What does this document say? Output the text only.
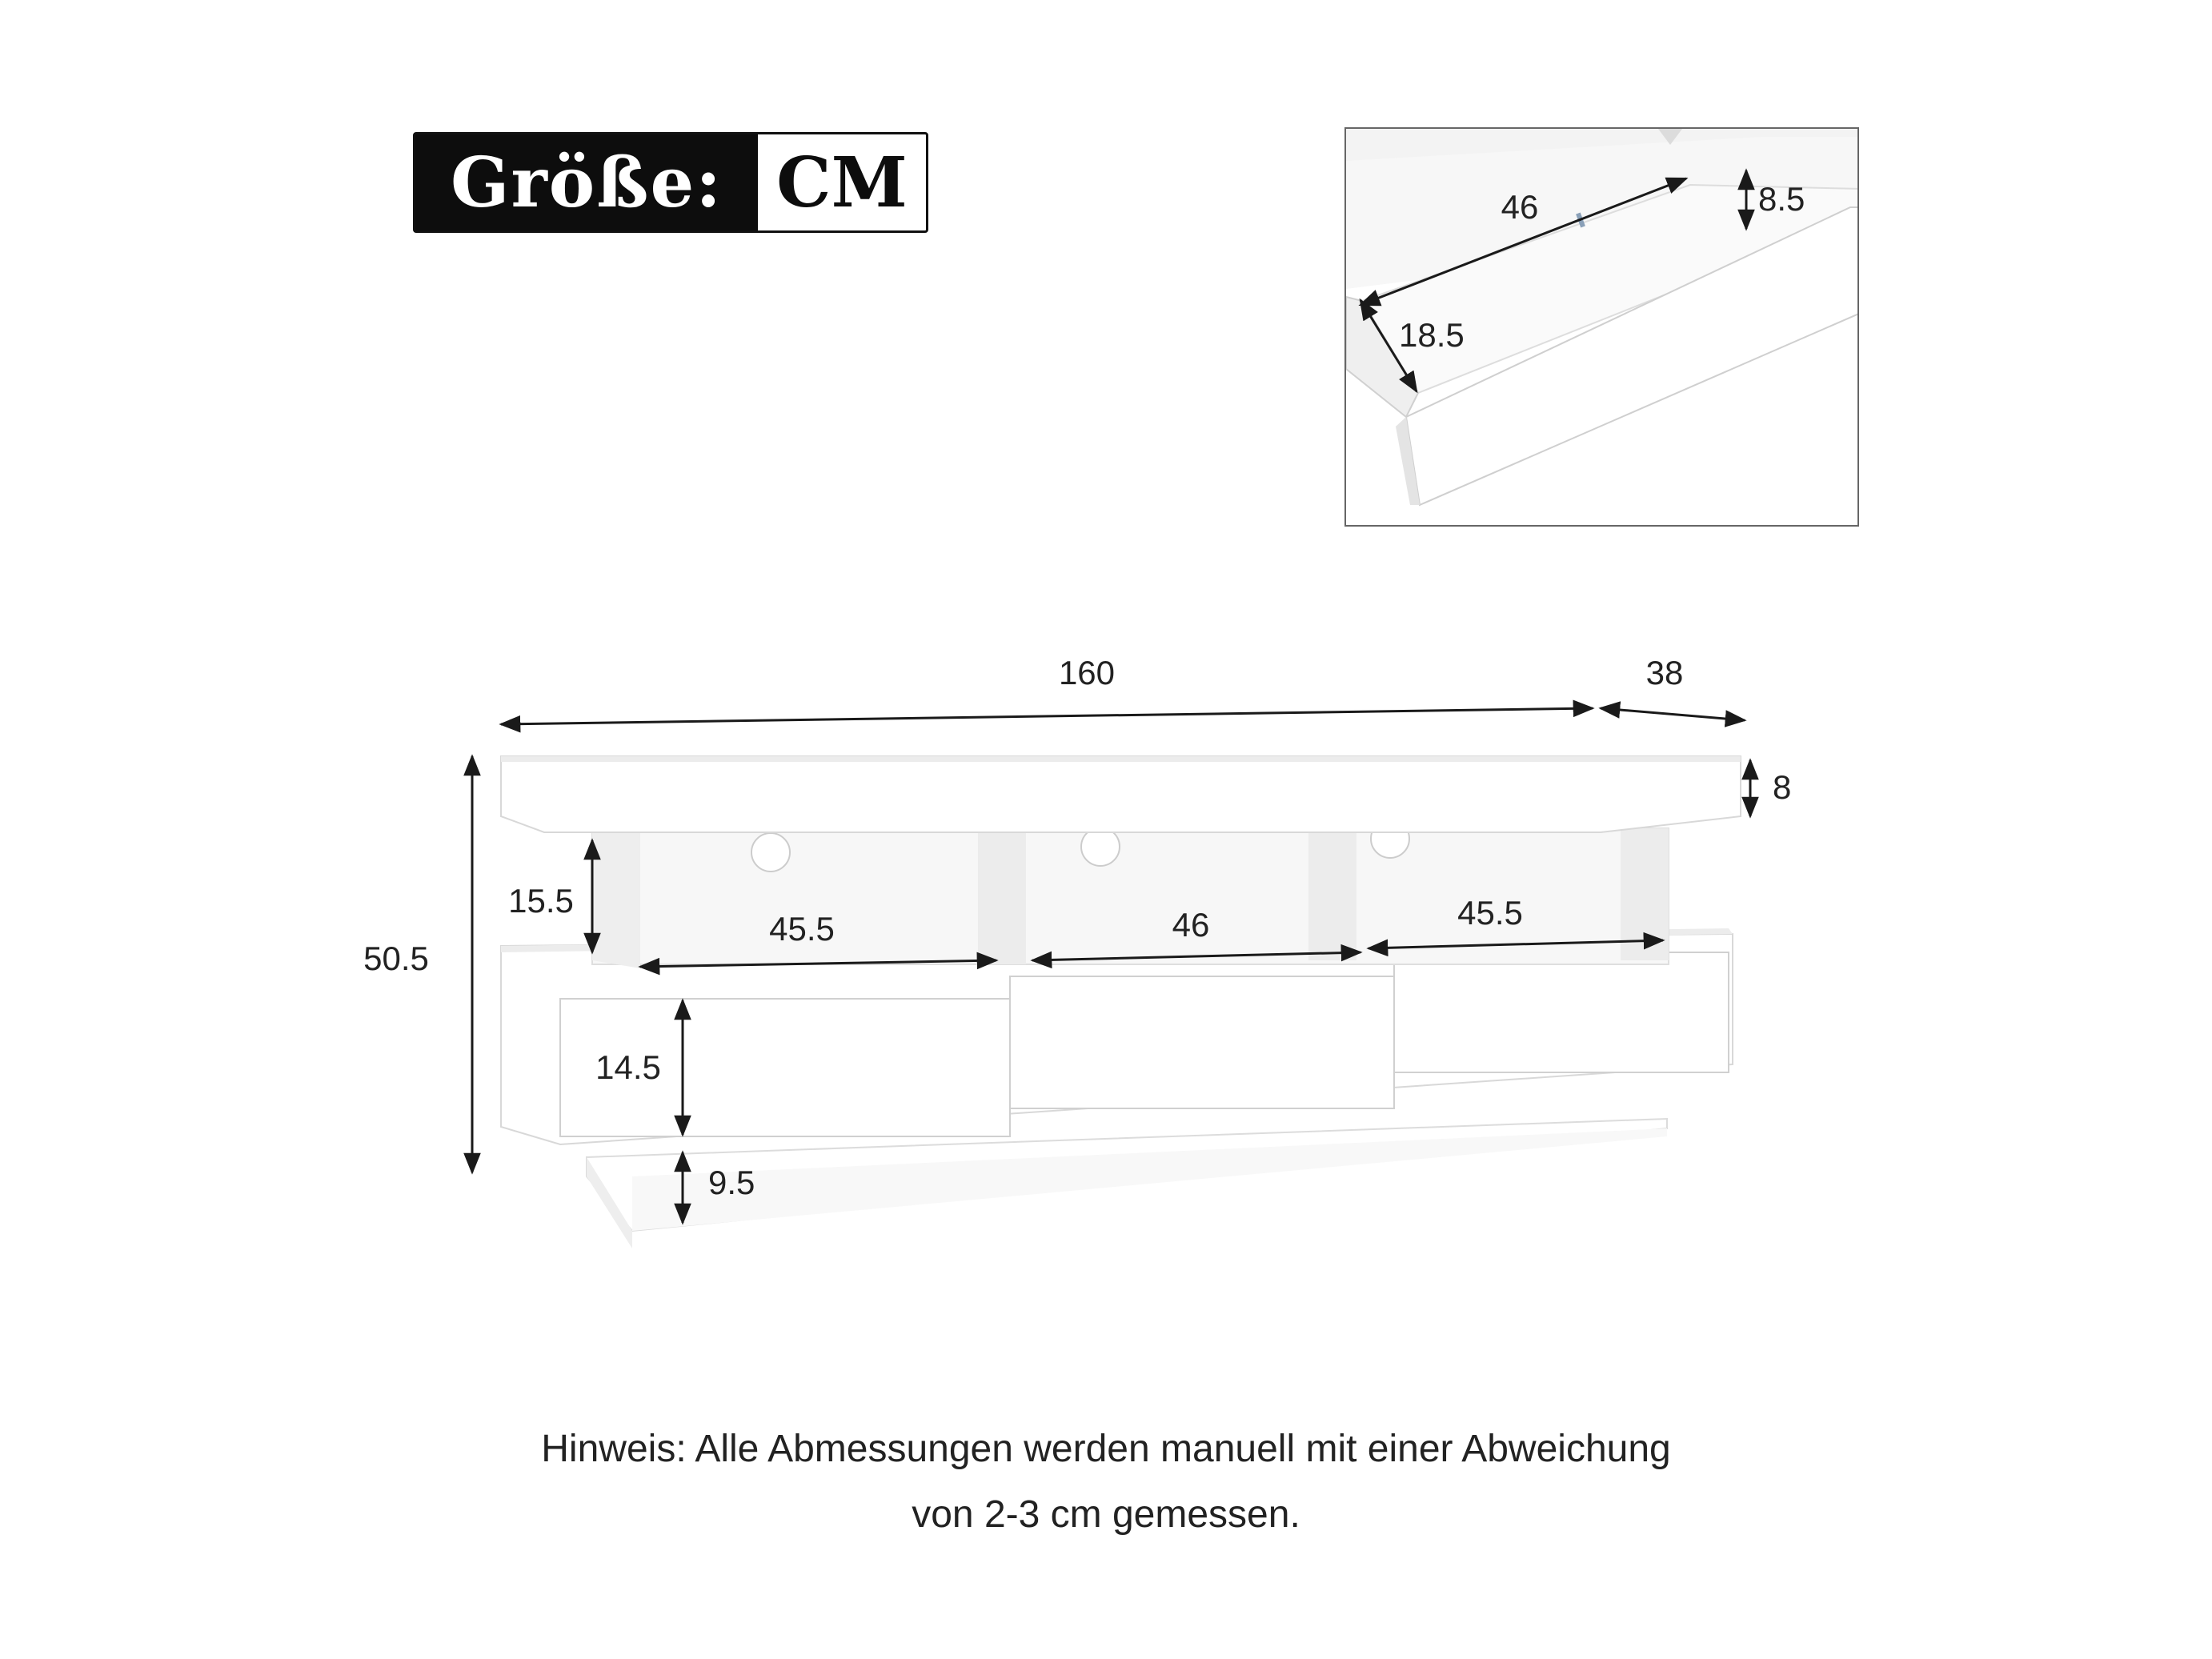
Größe: CM	46	8.5
18.5
160	38
8
50.5
15.5
45.5	46	45.5
14.5
9.5
Hinweis: Alle Abmessungen werden manuell mit einer Abweichung
von 2-3 cm gemessen.
